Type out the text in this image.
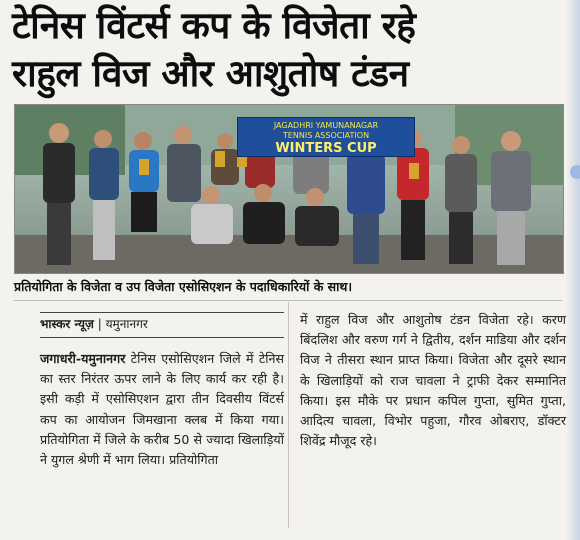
टेनिस विंटर्स कप के विजेता रहे
राहुल विज और आशुतोष टंडन
JAGADHRI YAMUNANAGAR
TENNIS ASSOCIATION
WINTERS CUP
प्रतियोगिता के विजेता व उप विजेता एसोसिएशन के पदाधिकारियों के साथ।
भास्कर न्यूज़ | यमुनानगर
जगाधरी-यमुनानगर टेनिस एसोसिएशन जिले में टेनिस का स्तर निरंतर ऊपर लाने के लिए कार्य कर रही है। इसी कड़ी में एसोसिएशन द्वारा तीन दिवसीय विंटर्स कप का आयोजन जिमखाना क्लब में किया गया। प्रतियोगिता में जिले के करीब 50 से ज्यादा खिलाड़ियों ने युगल श्रेणी में भाग लिया। प्रतियोगिता
में राहुल विज और आशुतोष टंडन विजेता रहे। करण बिंदलिश और वरुण गर्ग ने द्वितीय, दर्शन माडिया और दर्शन विज ने तीसरा स्थान प्राप्त किया। विजेता और दूसरे स्थान के खिलाड़ियों को राज चावला ने ट्राफी देकर सम्मानित किया। इस मौके पर प्रधान कपिल गुप्ता, सुमित गुप्ता, आदित्य चावला, विभोर पहुजा, गौरव ओबराए, डॉक्टर शिवेंद्र मौजूद रहे।
